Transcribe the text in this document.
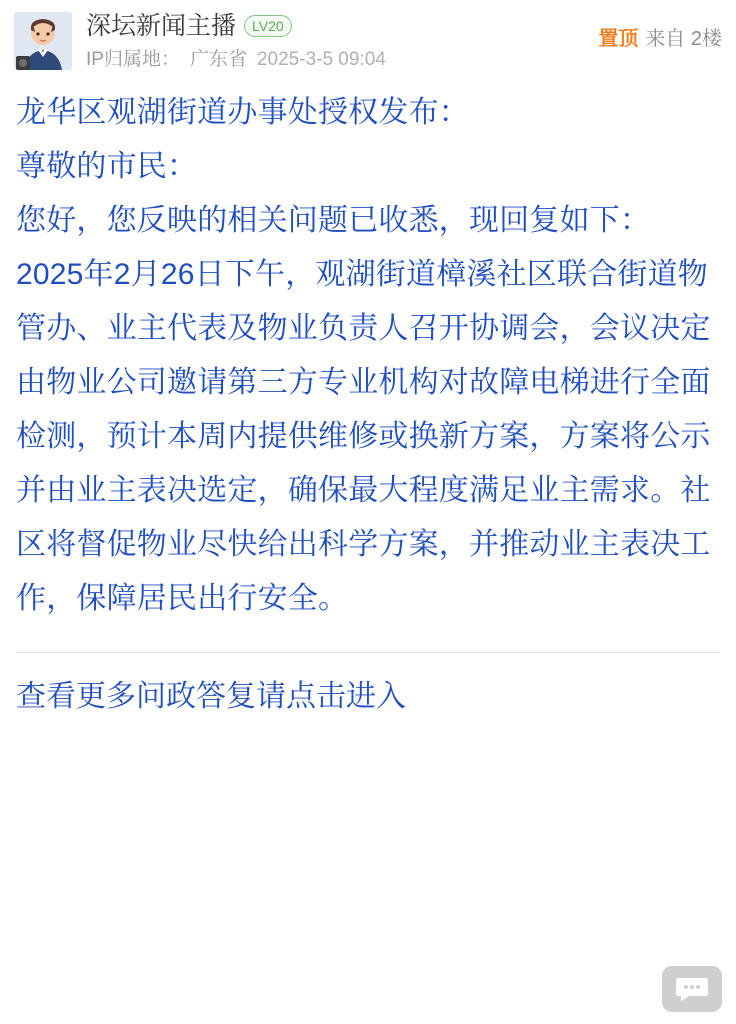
深坛新闻主播	LV20
IP归属地： 广东省 2025-3-5 09:04
置顶 来自 2楼

龙华区观湖街道办事处授权发布：

尊敬的市民：

您好，您反映的相关问题已收悉，现回复如下：

2025年2月26日下午，观湖街道樟溪社区联合街道物管办、业主代表及物业负责人召开协调会，会议决定由物业公司邀请第三方专业机构对故障电梯进行全面检测，预计本周内提供维修或换新方案，方案将公示并由业主表决选定，确保最大程度满足业主需求。社区将督促物业尽快给出科学方案，并推动业主表决工作，保障居民出行安全。

查看更多问政答复请点击进入
